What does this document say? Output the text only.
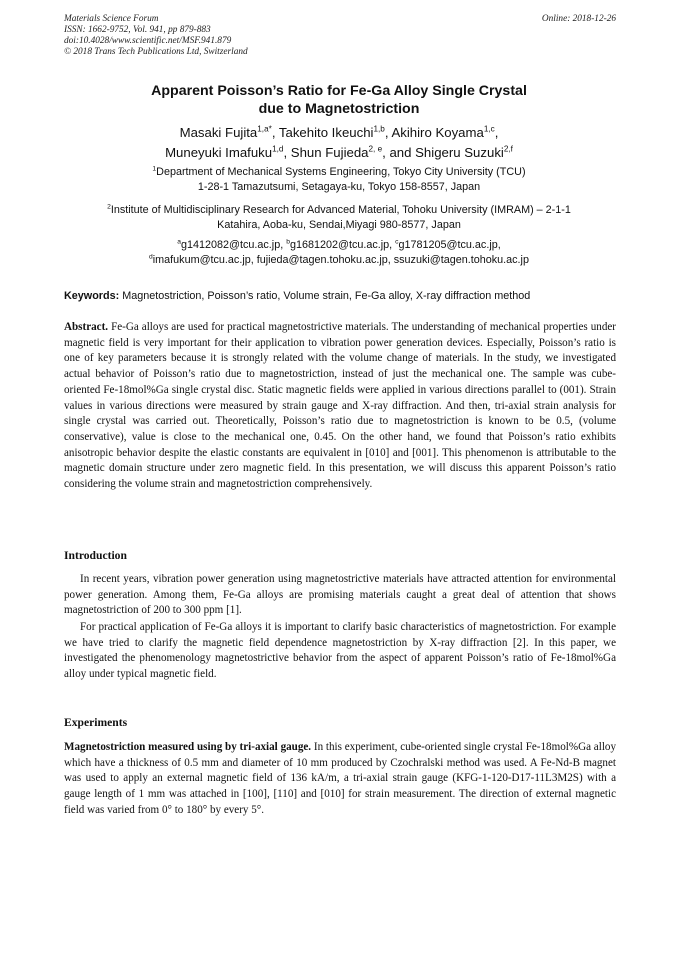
Materials Science Forum
ISSN: 1662-9752, Vol. 941, pp 879-883
doi:10.4028/www.scientific.net/MSF.941.879
© 2018 Trans Tech Publications Ltd, Switzerland
Online: 2018-12-26
Apparent Poisson’s Ratio for Fe-Ga Alloy Single Crystal
due to Magnetostriction
Masaki Fujita$^{1,a*}$, Takehito Ikeuchi$^{1,b}$, Akihiro Koyama$^{1,c}$,
Muneyuki Imafuku$^{1,d}$, Shun Fujieda$^{2, e}$, and Shigeru Suzuki$^{2,f}$
$^1$Department of Mechanical Systems Engineering, Tokyo City University (TCU)
1-28-1 Tamazutsumi, Setagaya-ku, Tokyo 158-8557, Japan
$^2$Institute of Multidisciplinary Research for Advanced Material, Tohoku University (IMRAM) – 2-1-1
Katahira, Aoba-ku, Sendai,Miyagi 980-8577, Japan
$^a$g1412082@tcu.ac.jp, $^b$g1681202@tcu.ac.jp, $^c$g1781205@tcu.ac.jp,
$^d$imafukum@tcu.ac.jp, fujieda@tagen.tohoku.ac.jp, ssuzuki@tagen.tohoku.ac.jp
Keywords: Magnetostriction, Poisson’s ratio, Volume strain, Fe-Ga alloy, X-ray diffraction method
Abstract. Fe-Ga alloys are used for practical magnetostrictive materials. The understanding of mechanical properties under magnetic field is very important for their application to vibration power generation devices. Especially, Poisson’s ratio is one of key parameters because it is strongly related with the volume change of materials. In the study, we investigated actual behavior of Poisson’s ratio due to magnetostriction, instead of just the mechanical one. The sample was cube-oriented Fe-18mol%Ga single crystal disc. Static magnetic fields were applied in various directions parallel to (001). Strain values in various directions were measured by strain gauge and X-ray diffraction. And then, tri-axial strain analysis for single crystal was carried out. Theoretically, Poisson’s ratio due to magnetostriction is known to be 0.5, (volume conservative), value is close to the mechanical one, 0.45. On the other hand, we found that Poisson’s ratio exhibits anisotropic behavior despite the elastic constants are equivalent in [010] and [001]. This phenomenon is attributable to the magnetic domain structure under zero magnetic field. In this presentation, we will discuss this apparent Poisson’s ratio considering the volume strain and magnetostriction comprehensively.
Introduction
In recent years, vibration power generation using magnetostrictive materials have attracted attention for environmental power generation. Among them, Fe-Ga alloys are promising materials caught a great deal of attention that shows magnetostriction of 200 to 300 ppm [1].
For practical application of Fe-Ga alloys it is important to clarify basic characteristics of magnetostriction. For example we have tried to clarify the magnetic field dependence magnetostriction by X-ray diffraction [2]. In this paper, we investigated the phenomenology magnetostrictive behavior from the aspect of apparent Poisson’s ratio of Fe-18mol%Ga alloy under typical magnetic field.
Experiments
Magnetostriction measured using by tri-axial gauge. In this experiment, cube-oriented single crystal Fe-18mol%Ga alloy which have a thickness of 0.5 mm and diameter of 10 mm produced by Czochralski method was used. A Fe-Nd-B magnet was used to apply an external magnetic field of 136 kA/m, a tri-axial strain gauge (KFG-1-120-D17-11L3M2S) with a gauge length of 1 mm was attached in [100], [110] and [010] for strain measurement. The direction of external magnetic field was varied from 0° to 180° by every 5°.
